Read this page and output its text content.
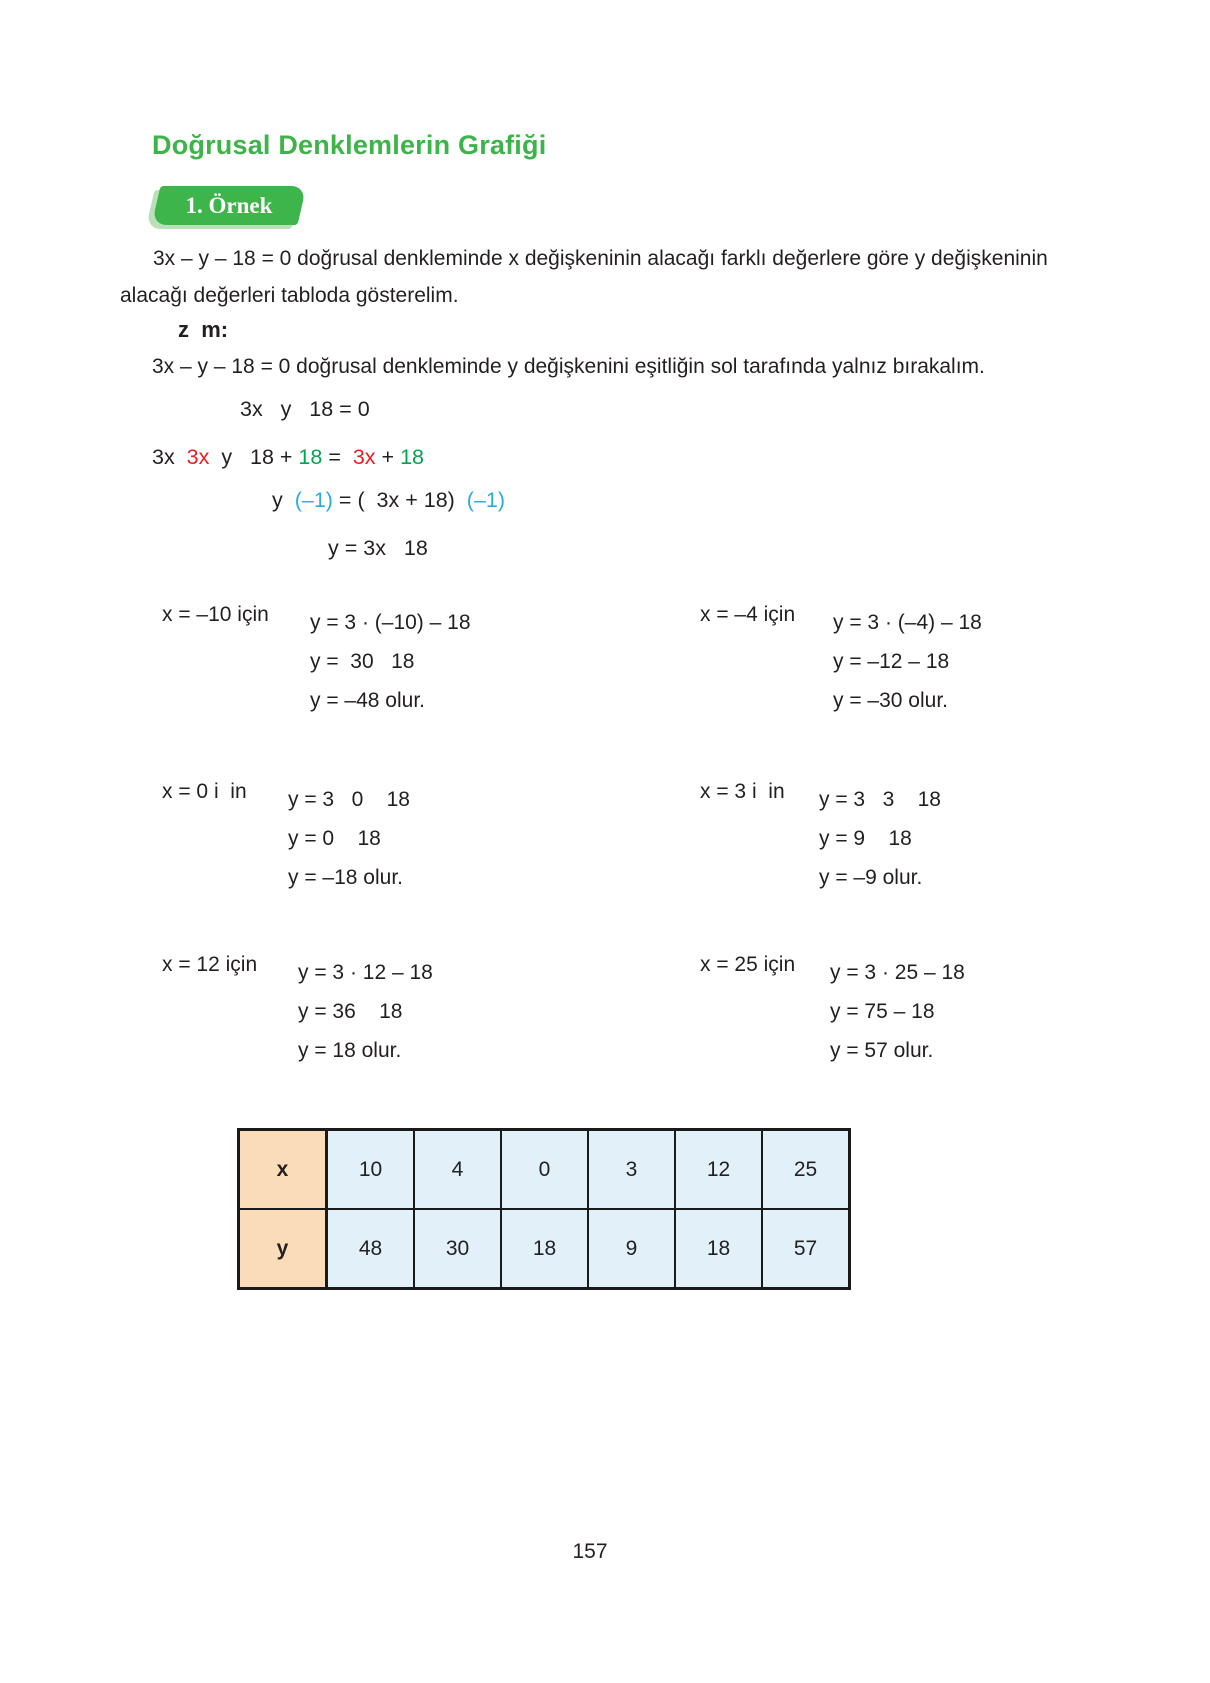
Doğrusal Denklemlerin Grafiği
1. Örnek
3x – y – 18 = 0 doğrusal denkleminde x değişkeninin alacağı farklı değerlere göre y değişkeninin alacağı değerleri tabloda gösterelim.
z  m:
3x – y – 18 = 0 doğrusal denkleminde y değişkenini eşitliğin sol tarafında yalnız bırakalım.
3x   y   18 = 0
3x  3x  y   18 + 18 =  3x + 18
y  (–1) = (  3x + 18)  (–1)
y = 3x   18
x = –10 için y = 3 · (–10) – 18
y =  30   18
y = –48 olur.
x = –4 için y = 3 · (–4) – 18
y = –12 – 18
y = –30 olur.
x = 0 i  in y = 3   0    18
y = 0    18
y = –18 olur.
x = 3 i  in y = 3   3    18
y = 9    18
y = –9 olur.
x = 12 için y = 3 · 12 – 18
y = 36    18
y = 18 olur.
x = 25 için y = 3 · 25 – 18
y = 75 – 18
y = 57 olur.
x	10	4	0	3	12	25
y	48	30	18	9	18	57
157
